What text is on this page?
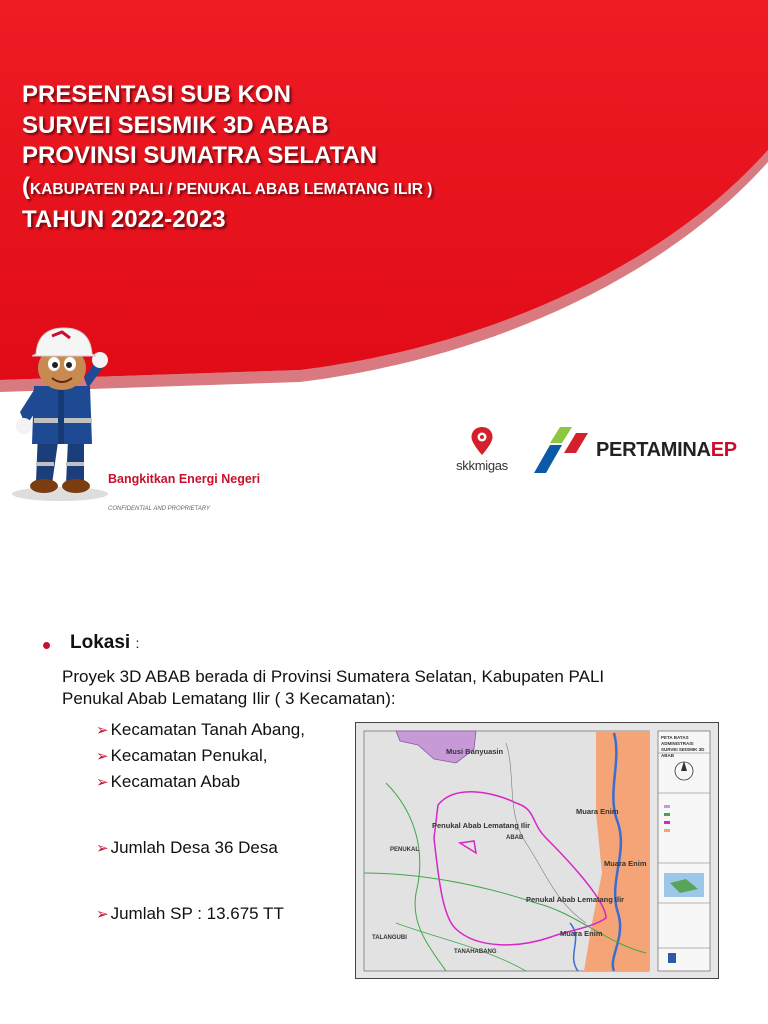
PRESENTASI SUB KON
SURVEI SEISMIK 3D ABAB
PROVINSI SUMATRA SELATAN
(KABUPATEN PALI / PENUKAL ABAB LEMATANG ILIR )
TAHUN 2022-2023
Bangkitkan Energi Negeri
CONFIDENTIAL AND PROPRIETARY
skkmigas
PERTAMINAEP
• Lokasi :

Proyek 3D ABAB berada di Provinsi Sumatera Selatan, Kabupaten PALI
Penukal Abab Lematang Ilir ( 3 Kecamatan):

➢ Kecamatan Tanah Abang,
➢ Kecamatan Penukal,
➢ Kecamatan Abab
➢ Jumlah Desa 36 Desa
➢ Jumlah SP : 13.675 TT
Musi Banyuasin
Penukal Abab Lematang Ilir
Muara Enim
Muara Enim
Penukal Abab Lematang Ilir
Muara Enim
ABAB
PENUKAL
TALANGUBI
TANAHABANG
PETA BATAS ADMINISTRASI SURVEI SEISMIK 3D ABAB
